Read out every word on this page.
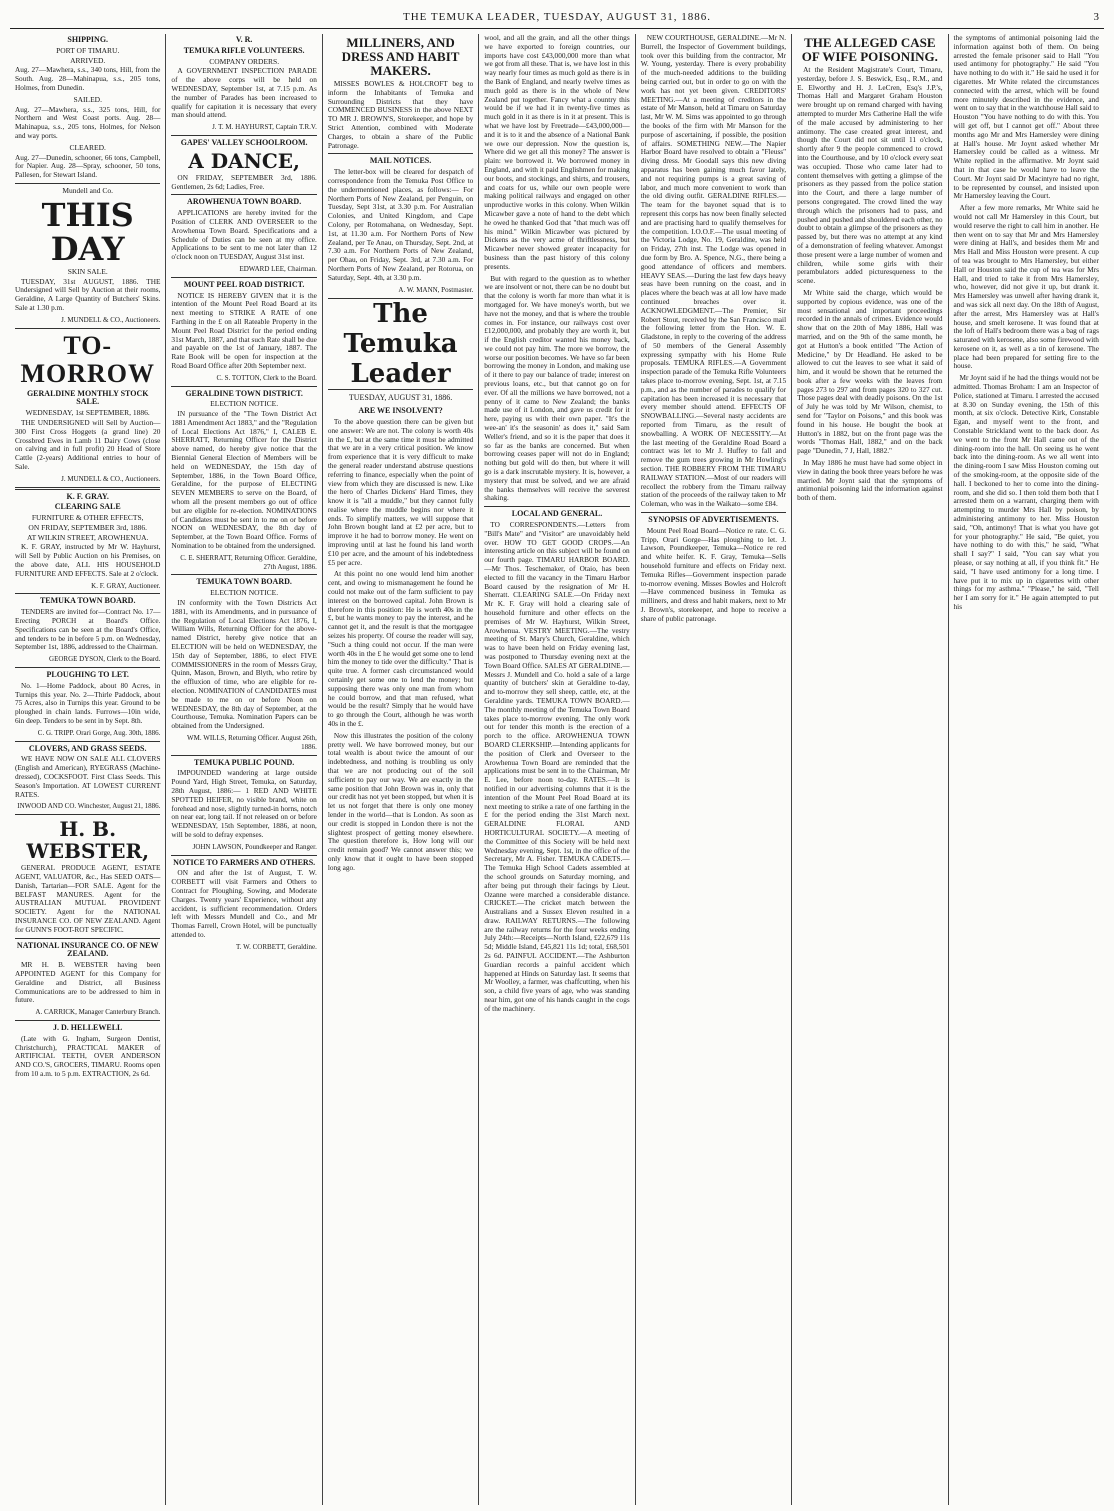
THE TEMUKA LEADER, TUESDAY, AUGUST 31, 1886.	3
SHIPPING.
PORT OF TIMARU.
ARRIVED.

Aug. 27—Mawhera, s.s., 340 tons, Hill, from the South. Aug. 28—Mahinapua, s.s., 205 tons, Holmes, from Dunedin.

SAILED.

Aug. 27—Mawhera, s.s., 325 tons, Hill, for Northern and West Coast ports. Aug. 28—Mahinapua, s.s., 205 tons, Holmes, for Nelson and way ports.

CLEARED.

Aug. 27—Dunedin, schooner, 66 tons, Campbell, for Napier. Aug. 28—Spray, schooner, 50 tons, Pallesen, for Stewart Island.

Mundell and Co.
THIS DAY
SKIN SALE.

TUESDAY, 31st AUGUST, 1886. THE Undersigned will Sell by Auction at their rooms, Geraldine, A Large Quantity of Butchers' Skins. Sale at 1.30 p.m.

J. MUNDELL & CO., Auctioneers.
TO-MORROW
GERALDINE MONTHLY STOCK SALE.
WEDNESDAY, 1st SEPTEMBER, 1886.

THE UNDERSIGNED will Sell by Auction— 300 First Cross Hoggets (a grand line) 20 Crossbred Ewes in Lamb 11 Dairy Cows (close on calving and in full profit) 20 Head of Store Cattle (2-years) Additional entries to hour of Sale.

J. MUNDELL & CO., Auctioneers.
K. F. GRAY.
CLEARING SALE
FURNITURE & OTHER EFFECTS,
ON FRIDAY, SEPTEMBER 3rd, 1886.
AT WILKIN STREET, AROWHENUA.

K. F. GRAY, instructed by Mr W. Hayhurst, will Sell by Public Auction on his Premises, on the above date, ALL HIS HOUSEHOLD FURNITURE AND EFFECTS. Sale at 2 o'clock.

K. F. GRAY, Auctioneer.
TEMUKA TOWN BOARD.

TENDERS are invited for—Contract No. 17—Erecting PORCH at Board's Office. Specifications can be seen at the Board's Office, and tenders to be in before 5 p.m. on Wednesday, September 1st, 1886, addressed to the Chairman.

GEORGE DYSON, Clerk to the Board.
PLOUGHING TO LET.

No. 1—Home Paddock, about 80 Acres, in Turnips this year. No. 2—Thirle Paddock, about 75 Acres, also in Turnips this year. Ground to be ploughed in chain lands. Furrows—10in wide, 6in deep. Tenders to be sent in by Sept. 8th.

C. G. TRIPP. Orari Gorge, Aug. 30th, 1886.
CLOVERS, AND GRASS SEEDS.

WE HAVE NOW ON SALE ALL CLOVERS (English and American), RYEGRASS (Machine-dressed), COCKSFOOT. First Class Seeds. This Season's Importation. AT LOWEST CURRENT RATES.

INWOOD AND CO. Winchester, August 21, 1886.
H. B. WEBSTER,

GENERAL PRODUCE AGENT, ESTATE AGENT, VALUATOR, &c., Has SEED OATS—Danish, Tartarian—FOR SALE. Agent for the BELFAST MANURES. Agent for the AUSTRALIAN MUTUAL PROVIDENT SOCIETY. Agent for the NATIONAL INSURANCE CO. OF NEW ZEALAND. Agent for GUNN'S FOOT-ROT SPECIFIC.

NATIONAL INSURANCE CO. OF NEW ZEALAND.

MR H. B. WEBSTER having been APPOINTED AGENT for this Company for Geraldine and District, all Business Communications are to be addressed to him in future.

A. CARRICK, Manager Canterbury Branch.
J. D. HELLEWELL

(Late with G. Ingham, Surgeon Dentist, Christchurch), PRACTICAL MAKER of ARTIFICIAL TEETH, OVER ANDERSON AND CO.'S, GROCERS, TIMARU. Rooms open from 10 a.m. to 5 p.m. EXTRACTION, 2s 6d.

V. R.
TEMUKA RIFLE VOLUNTEERS.
COMPANY ORDERS.

A GOVERNMENT INSPECTION PARADE of the above corps will be held on WEDNESDAY, September 1st, at 7.15 p.m. As the number of Parades has been increased to qualify for capitation it is necessary that every man should attend.

J. T. M. HAYHURST, Captain T.R.V.
GAPES' VALLEY SCHOOLROOM.
A DANCE,

ON FRIDAY, SEPTEMBER 3rd, 1886. Gentlemen, 2s 6d; Ladies, Free.

AROWHENUA TOWN BOARD.

APPLICATIONS are hereby invited for the Position of CLERK AND OVERSEER to the Arowhenua Town Board. Specifications and a Schedule of Duties can be seen at my office. Applications to be sent to me not later than 12 o'clock noon on TUESDAY, August 31st inst.

EDWARD LEE, Chairman.
MOUNT PEEL ROAD DISTRICT.

NOTICE IS HEREBY GIVEN that it is the intention of the Mount Peel Road Board at its next meeting to STRIKE A RATE of one Farthing in the £ on all Rateable Property in the Mount Peel Road District for the period ending 31st March, 1887, and that such Rate shall be due and payable on the 1st of January, 1887. The Rate Book will be open for inspection at the Road Board Office after 20th September next.

C. S. TOTTON, Clerk to the Board.
GERALDINE TOWN DISTRICT.
ELECTION NOTICE.

IN pursuance of the "The Town District Act 1881 Amendment Act 1883," and the "Regulation of Local Elections Act 1876," I, CALEB E. SHERRATT, Returning Officer for the District above named, do hereby give notice that the Biennial General Election of Members will be held on WEDNESDAY, the 15th day of September, 1886, in the Town Board Office, Geraldine, for the purpose of ELECTING SEVEN MEMBERS to serve on the Board, of whom all the present members go out of office but are eligible for re-election. NOMINATIONS of Candidates must be sent in to me on or before NOON on WEDNESDAY, the 8th day of September, at the Town Board Office. Forms of Nomination to be obtained from the undersigned.

C. E. SHERRATT, Returning Officer. Geraldine, 27th August, 1886.
TEMUKA TOWN BOARD.
ELECTION NOTICE.

IN conformity with the Town Districts Act 1881, with its Amendments, and in pursuance of the Regulation of Local Elections Act 1876, I, William Wills, Returning Officer for the above-named District, hereby give notice that an ELECTION will be held on WEDNESDAY, the 15th day of September, 1886, to elect FIVE COMMISSIONERS in the room of Messrs Gray, Quinn, Mason, Brown, and Blyth, who retire by the effluxion of time, who are eligible for re-election. NOMINATION of CANDIDATES must be made to me on or before Noon on WEDNESDAY, the 8th day of September, at the Courthouse, Temuka. Nomination Papers can be obtained from the Undersigned.

WM. WILLS, Returning Officer. August 26th, 1886.
TEMUKA PUBLIC POUND.

IMPOUNDED wandering at large outside Pound Yard, High Street, Temuka, on Saturday, 28th August, 1886:— 1 RED AND WHITE SPOTTED HEIFER, no visible brand, white on forehead and nose, slightly turned-in horns, notch on near ear, long tail. If not released on or before WEDNESDAY, 15th September, 1886, at noon, will be sold to defray expenses.

JOHN LAWSON, Poundkeeper and Ranger.
NOTICE TO FARMERS AND OTHERS.

ON and after the 1st of August, T. W. CORBETT will visit Farmers and Others to Contract for Ploughing, Sowing, and Moderate Charges. Twenty years' Experience, without any accident, is sufficient recommendation. Orders left with Messrs Mundell and Co., and Mr Thomas Farrell, Crown Hotel, will be punctually attended to.

T. W. CORBETT, Geraldine.
MILLINERS, AND DRESS AND HABIT MAKERS.

MISSES BOWLES & HOLCROFT beg to inform the Inhabitants of Temuka and Surrounding Districts that they have COMMENCED BUSINESS in the above NEXT TO MR J. BROWN'S, Storekeeper, and hope by Strict Attention, combined with Moderate Charges, to obtain a share of the Public Patronage.

MAIL NOTICES.

The letter-box will be cleared for despatch of correspondence from the Temuka Post Office to the undermentioned places, as follows:— For Northern Ports of New Zealand, per Penguin, on Tuesday, Sept 31st, at 3.30 p.m. For Australian Colonies, and United Kingdom, and Cape Colony, per Rotomahana, on Wednesday, Sept. 1st, at 11.30 a.m. For Northern Ports of New Zealand, per Te Anau, on Thursday, Sept. 2nd, at 7.30 a.m. For Northern Ports of New Zealand, per Ohau, on Friday, Sept. 3rd, at 7.30 a.m. For Northern Ports of New Zealand, per Rotorua, on Saturday, Sept. 4th, at 3.30 p.m.

A. W. MANN, Postmaster.
The Temuka Leader
TUESDAY, AUGUST 31, 1886.
ARE WE INSOLVENT?

To the above question there can be given but one answer: We are not. The colony is worth 40s in the £, but at the same time it must be admitted that we are in a very critical position. We know from experience that it is very difficult to make the general reader understand abstruse questions referring to finance, especially when the point of view from which they are discussed is new. Like the hero of Charles Dickens' Hard Times, they know it is "all a muddle," but they cannot fully realise where the muddle begins nor where it ends. To simplify matters, we will suppose that John Brown bought land at £2 per acre, but to improve it he had to borrow money. He went on improving until at last he found his land worth £10 per acre, and the amount of his indebtedness £5 per acre.

At this point no one would lend him another cent, and owing to mismanagement he found he could not make out of the farm sufficient to pay interest on the borrowed capital. John Brown is therefore in this position: He is worth 40s in the £, but he wants money to pay the interest, and he cannot get it, and the result is that the mortgagee seizes his property. Of course the reader will say, "Such a thing could not occur. If the man were worth 40s in the £ he would get some one to lend him the money to tide over the difficulty." That is quite true. A former cash circumstanced would certainly get some one to lend the money; but supposing there was only one man from whom he could borrow, and that man refused, what would be the result? Simply that he would have to go through the Court, although he was worth 40s in the £.

Now this illustrates the position of the colony pretty well. We have borrowed money, but our total wealth is about twice the amount of our indebtedness, and nothing is troubling us only that we are not producing out of the soil sufficient to pay our way. We are exactly in the same position that John Brown was in, only that our credit has not yet been stopped, but when it is let us not forget that there is only one money lender in the world—that is London. As soon as our credit is stopped in London there is not the slightest prospect of getting money elsewhere. The question therefore is, How long will our credit remain good? We cannot answer this; we only know that it ought to have been stopped long ago.

wool, and all the grain, and all the other things we have exported to foreign countries, our imports have cost £43,000,000 more than what we got from all these. That is, we have lost in this way nearly four times as much gold as there is in the Bank of England, and nearly twelve times as much gold as there is in the whole of New Zealand put together. Fancy what a country this would be if we had it in twenty-five times as much gold in it as there is in it at present. This is what we have lost by Freetrade—£43,000,000—and it is to it and the absence of a National Bank we owe our depression. Now the question is, Where did we get all this money? The answer is plain: we borrowed it. We borrowed money in England, and with it paid Englishmen for making our boots, and stockings, and shirts, and trousers, and coats for us, while our own people were making political railways and engaged on other unproductive works in this colony. When Wilkin Micawber gave a note of hand to the debt which he owed he thanked God that "that much was off his mind." Wilkin Micawber was pictured by Dickens as the very acme of thriftlessness, but Micawber never showed greater incapacity for business than the past history of this colony presents.

But with regard to the question as to whether we are insolvent or not, there can be no doubt but that the colony is worth far more than what it is mortgaged for. We have money's worth, but we have not the money, and that is where the trouble comes in. For instance, our railways cost over £12,000,000, and probably they are worth it, but if the English creditor wanted his money back, we could not pay him. The more we borrow, the worse our position becomes. We have so far been borrowing the money in London, and making use of it there to pay our balance of trade; interest on previous loans, etc., but that cannot go on for ever. Of all the millions we have borrowed, not a penny of it came to New Zealand; the banks made use of it London, and gave us credit for it here, paying us with their own paper. "It's the wee-an' it's the seasonin' as does it," said Sam Weller's friend, and so it is the paper that does it so far as the banks are concerned. But when borrowing ceases paper will not do in England; nothing but gold will do then, but where it will go is a dark inscrutable mystery. It is, however, a mystery that must be solved, and we are afraid the banks themselves will receive the severest shaking.

LOCAL AND GENERAL.

TO CORRESPONDENTS.—Letters from "Bill's Mate" and "Visitor" are unavoidably held over. HOW TO GET GOOD CROPS.—An interesting article on this subject will be found on our fourth page. TIMARU HARBOR BOARD.—Mr Thos. Teschemaker, of Otaio, has been elected to fill the vacancy in the Timaru Harbor Board caused by the resignation of Mr H. Sherratt. CLEARING SALE.—On Friday next Mr K. F. Gray will hold a clearing sale of household furniture and other effects on the premises of Mr W. Hayhurst, Wilkin Street, Arowhenua. VESTRY MEETING.—The vestry meeting of St. Mary's Church, Geraldine, which was to have been held on Friday evening last, was postponed to Thursday evening next at the Town Board Office. SALES AT GERALDINE.—Messrs J. Mundell and Co. hold a sale of a large quantity of butchers' skin at Geraldine to-day, and to-morrow they sell sheep, cattle, etc, at the Geraldine yards. TEMUKA TOWN BOARD.—The monthly meeting of the Temuka Town Board takes place to-morrow evening. The only work out for tender this month is the erection of a porch to the office. AROWHENUA TOWN BOARD CLERKSHIP.—Intending applicants for the position of Clerk and Overseer to the Arowhenua Town Board are reminded that the applications must be sent in to the Chairman, Mr E. Lee, before noon to-day. RATES.—It is notified in our advertising columns that it is the intention of the Mount Peel Road Board at its next meeting to strike a rate of one farthing in the £ for the period ending the 31st March next. GERALDINE FLORAL AND HORTICULTURAL SOCIETY.—A meeting of the Committee of this Society will be held next Wednesday evening, Sept. 1st, in the office of the Secretary, Mr A. Fisher. TEMUKA CADETS.—The Temuka High School Cadets assembled at the school grounds on Saturday morning, and after being put through their facings by Lieut. Ozanne were marched a considerable distance. CRICKET.—The cricket match between the Australians and a Sussex Eleven resulted in a draw. RAILWAY RETURNS.—The following are the railway returns for the four weeks ending July 24th:—Receipts—North Island, £22,679 11s 5d; Middle Island, £45,821 11s 1d; total, £68,501 2s 6d. PAINFUL ACCIDENT.—The Ashburton Guardian records a painful accident which happened at Hinds on Saturday last. It seems that Mr Woolley, a farmer, was chaffcutting, when his son, a child five years of age, who was standing near him, got one of his hands caught in the cogs of the machinery.

NEW COURTHOUSE, GERALDINE.—Mr N. Burrell, the Inspector of Government buildings, took over this building from the contractor, Mr W. Young, yesterday. There is every probability of the much-needed additions to the building being carried out, but in order to go on with the work has not yet been given. CREDITORS' MEETING.—At a meeting of creditors in the estate of Mr Manson, held at Timaru on Saturday last, Mr W. M. Sims was appointed to go through the books of the firm with Mr Manson for the purpose of ascertaining, if possible, the position of affairs. SOMETHING NEW.—The Napier Harbor Board have resolved to obtain a "Fleuss" diving dress. Mr Goodall says this new diving apparatus has been gaining much favor lately, and not requiring pumps is a great saving of labor, and much more convenient to work than the old diving outfit. GERALDINE RIFLES.—The team for the bayonet squad that is to represent this corps has now been finally selected and are practising hard to qualify themselves for the competition. I.O.O.F.—The usual meeting of the Victoria Lodge, No. 19, Geraldine, was held on Friday, 27th inst. The Lodge was opened in due form by Bro. A. Spence, N.G., there being a good attendance of officers and members. HEAVY SEAS.—During the last few days heavy seas have been running on the coast, and in places where the beach was at all low have made continued breaches over it. ACKNOWLEDGMENT.—The Premier, Sir Robert Stout, received by the San Francisco mail the following letter from the Hon. W. E. Gladstone, in reply to the covering of the address of 50 members of the General Assembly expressing sympathy with his Home Rule proposals. TEMUKA RIFLES.—A Government inspection parade of the Temuka Rifle Volunteers takes place to-morrow evening, Sept. 1st, at 7.15 p.m., and as the number of parades to qualify for capitation has been increased it is necessary that every member should attend. EFFECTS OF SNOWBALLING.—Several nasty accidents are reported from Timaru, as the result of snowballing. A WORK OF NECESSITY.—At the last meeting of the Geraldine Road Board a contract was let to Mr J. Huffey to fall and remove the gum trees growing in Mr Howling's section. THE ROBBERY FROM THE TIMARU RAILWAY STATION.—Most of our readers will recollect the robbery from the Timaru railway station of the proceeds of the railway taken to Mr Coleman, who was in the Waikato—some £84.

SYNOPSIS OF ADVERTISEMENTS.

Mount Peel Road Board—Notice re rate. C. G. Tripp, Orari Gorge—Has ploughing to let. J. Lawson, Poundkeeper, Temuka—Notice re red and white heifer. K. F. Gray, Temuka—Sells household furniture and effects on Friday next. Temuka Rifles—Government inspection parade to-morrow evening. Misses Bowles and Holcroft—Have commenced business in Temuka as milliners, and dress and habit makers, next to Mr J. Brown's, storekeeper, and hope to receive a share of public patronage.

THE ALLEGED CASE OF WIFE POISONING.

At the Resident Magistrate's Court, Timaru, yesterday, before J. S. Beswick, Esq., R.M., and E. Elworthy and H. J. LeCren, Esq's J.P.'s, Thomas Hall and Margaret Graham Houston were brought up on remand charged with having attempted to murder Mrs Catherine Hall the wife of the male accused by administering to her antimony. The case created great interest, and though the Court did not sit until 11 o'clock, shortly after 9 the people commenced to crowd into the Courthouse, and by 10 o'clock every seat was occupied. Those who came later had to content themselves with getting a glimpse of the prisoners as they passed from the police station into the Court, and there a large number of persons congregated. The crowd lined the way through which the prisoners had to pass, and pushed and pushed and shouldered each other, no doubt to obtain a glimpse of the prisoners as they passed by, but there was no attempt at any kind of a demonstration of feeling whatever. Amongst those present were a large number of women and children, while some girls with their perambulators added picturesqueness to the scene.

Mr White said the charge, which would be supported by copious evidence, was one of the most sensational and important proceedings recorded in the annals of crimes. Evidence would show that on the 20th of May 1886, Hall was married, and on the 9th of the same month, he got at Hutton's a book entitled "The Action of Medicine," by Dr Headland. He asked to be allowed to cut the leaves to see what it said of him, and it would be shown that he returned the book after a few weeks with the leaves from pages 273 to 297 and from pages 320 to 327 cut. Those pages deal with deadly poisons. On the 1st of July he was told by Mr Wilson, chemist, to send for "Taylor on Poisons," and this book was found in his house. He bought the book at Hutton's in 1882, but on the front page was the words "Thomas Hall, 1882," and on the back page "Dunedin, 7 J, Hall, 1882."

In May 1886 he must have had some object in view in dating the book three years before he was married. Mr Joynt said that the symptoms of antimonial poisoning laid the information against both of them.

the symptoms of antimonial poisoning laid the information against both of them. On being arrested the female prisoner said to Hall "You used antimony for photography." He said "You have nothing to do with it." He said he used it for cigarettes. Mr White related the circumstances connected with the arrest, which will be found more minutely described in the evidence, and went on to say that in the watchhouse Hall said to Houston "You have nothing to do with this. You will get off, but I cannot get off." About three months ago Mr and Mrs Hamersley were dining at Hall's house. Mr Joynt asked whether Mr Hamersley could be called as a witness. Mr White replied in the affirmative. Mr Joynt said that in that case he would have to leave the Court. Mr Joynt said Dr Macintyre had no right, to be represented by counsel, and insisted upon Mr Hamersley leaving the Court.

After a few more remarks, Mr White said he would not call Mr Hamersley in this Court, but would reserve the right to call him in another. He then went on to say that Mr and Mrs Hamersley were dining at Hall's, and besides them Mr and Mrs Hall and Miss Houston were present. A cup of tea was brought to Mrs Hamersley, but either Hall or Houston said the cup of tea was for Mrs Hall, and tried to take it from Mrs Hamersley, who, however, did not give it up, but drank it. Mrs Hamersley was unwell after having drank it, and was sick all next day. On the 18th of August, after the arrest, Mrs Hamersley was at Hall's house, and smelt kerosene. It was found that at the loft of Hall's bedroom there was a bag of rags saturated with kerosene, also some firewood with kerosene on it, as well as a tin of kerosene. The place had been prepared for setting fire to the house.

Mr Joynt said if he had the things would not be admitted. Thomas Broham: I am an Inspector of Police, stationed at Timaru. I arrested the accused at 8.30 on Sunday evening, the 15th of this month, at six o'clock. Detective Kirk, Constable Egan, and myself went to the front, and Constable Strickland went to the back door. As we went to the front Mr Hall came out of the dining-room into the hall. On seeing us he went back into the dining-room. As we all went into the dining-room I saw Miss Houston coming out of the smoking-room, at the opposite side of the hall. I beckoned to her to come into the dining-room, and she did so. I then told them both that I arrested them on a warrant, charging them with attempting to murder Mrs Hall by poison, by administering antimony to her. Miss Houston said, "Oh, antimony! That is what you have got for your photography." He said, "Be quiet, you have nothing to do with this," he said, "What shall I say?" I said, "You can say what you please, or say nothing at all, if you think fit." He said, "I have used antimony for a long time. I have put it to mix up in cigarettes with other things for my asthma." "Please," he said, "Tell her I am sorry for it." He again attempted to put his
